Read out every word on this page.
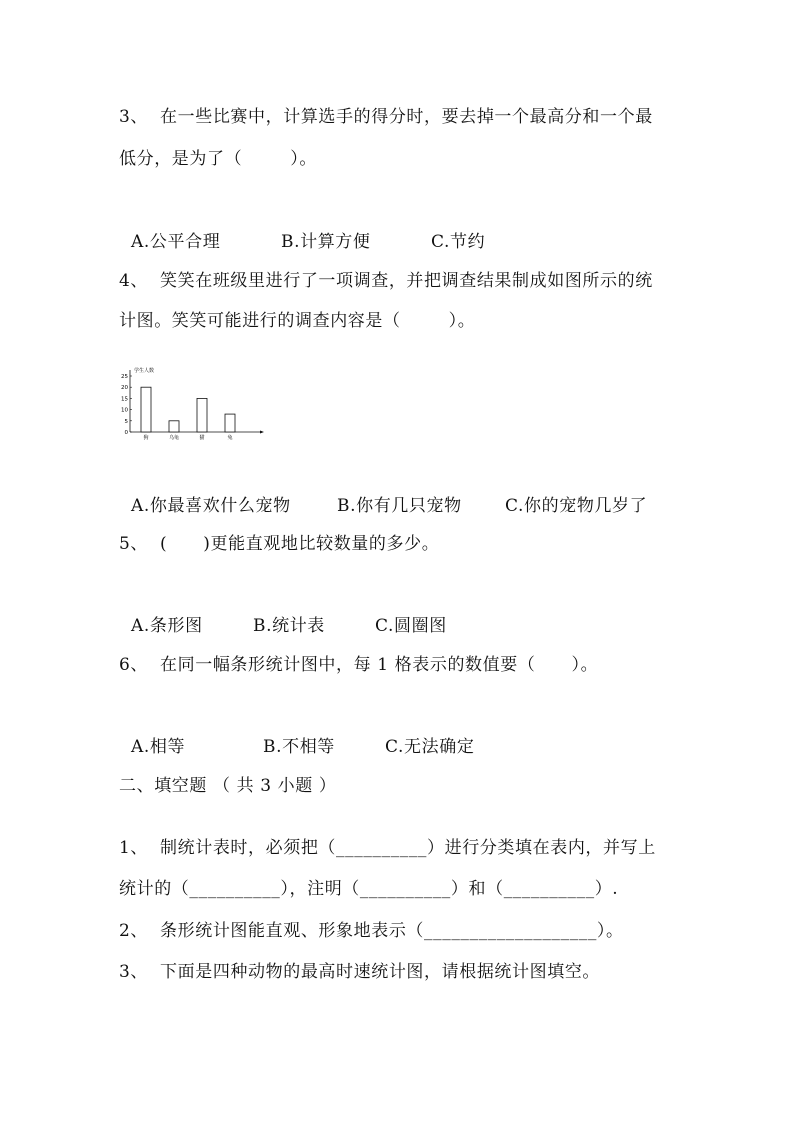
3、  在一些比赛中，计算选手的得分时，要去掉一个最高分和一个最
低分，是为了（        ）。

A.公平合理	B.计算方便	C.节约

4、  笑笑在班级里进行了一项调查，并把调查结果制成如图所示的统
计图。笑笑可能进行的调查内容是（        ）。
学生人数
25
20
15
10
5
0
狗	乌龟	猫	兔

A.你最喜欢什么宠物	B.你有几只宠物	C.你的宠物几岁了

5、  (      )更能直观地比较数量的多少。

A.条形图	B.统计表	C.圆圈图

6、  在同一幅条形统计图中，每 1 格表示的数值要（      ）。

A.相等	B.不相等	C.无法确定

二、填空题 （ 共 3 小题 ）
1、  制统计表时，必须把（__________）进行分类填在表内，并写上
统计的（__________），注明（__________）和（__________）.
2、  条形统计图能直观、形象地表示（___________________）。
3、  下面是四种动物的最高时速统计图，请根据统计图填空。
